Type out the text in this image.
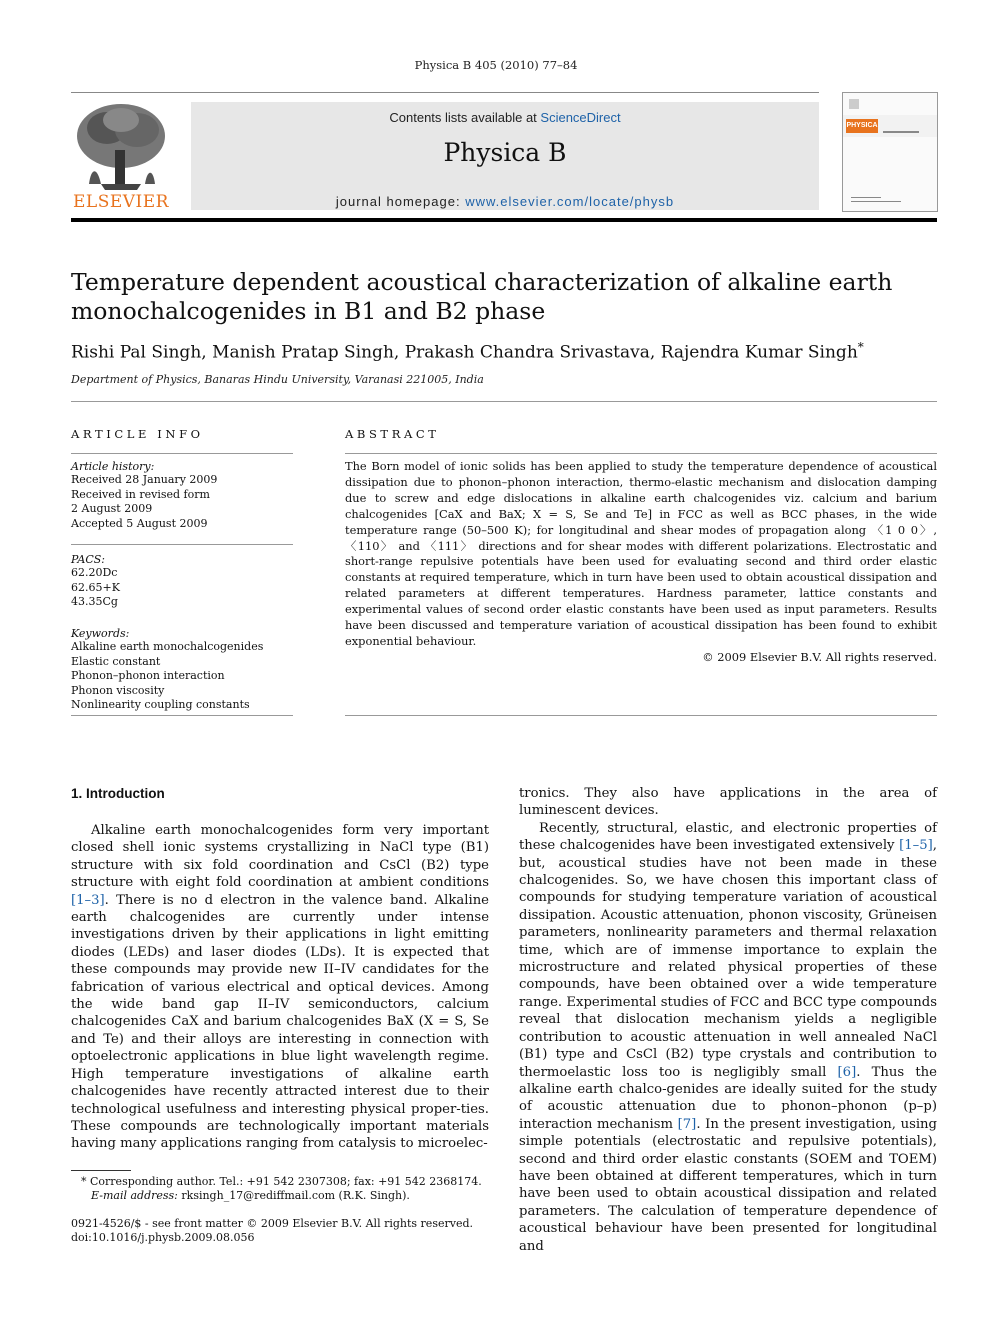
Physica B 405 (2010) 77–84
ELSEVIER
Contents lists available at ScienceDirect
Physica B
journal homepage: www.elsevier.com/locate/physb
PHYSICA
Temperature dependent acoustical characterization of alkaline earth monochalcogenides in B1 and B2 phase
Rishi Pal Singh, Manish Pratap Singh, Prakash Chandra Srivastava, Rajendra Kumar Singh*
Department of Physics, Banaras Hindu University, Varanasi 221005, India
ARTICLE INFO
Article history:
Received 28 January 2009
Received in revised form
2 August 2009
Accepted 5 August 2009
PACS:
62.20Dc
62.65+K
43.35Cg
Keywords:
Alkaline earth monochalcogenides
Elastic constant
Phonon–phonon interaction
Phonon viscosity
Nonlinearity coupling constants
ABSTRACT
The Born model of ionic solids has been applied to study the temperature dependence of acoustical dissipation due to phonon–phonon interaction, thermo-elastic mechanism and dislocation damping due to screw and edge dislocations in alkaline earth chalcogenides viz. calcium and barium chalcogenides [CaX and BaX; X = S, Se and Te] in FCC as well as BCC phases, in the wide temperature range (50–500 K); for longitudinal and shear modes of propagation along 〈1 0 0〉, 〈110〉 and 〈111〉 directions and for shear modes with different polarizations. Electrostatic and short-range repulsive potentials have been used for evaluating second and third order elastic constants at required temperature, which in turn have been used to obtain acoustical dissipation and related parameters at different temperatures. Hardness parameter, lattice constants and experimental values of second order elastic constants have been used as input parameters. Results have been discussed and temperature variation of acoustical dissipation has been found to exhibit exponential behaviour.
© 2009 Elsevier B.V. All rights reserved.
1. Introduction

Alkaline earth monochalcogenides form very important closed shell ionic systems crystallizing in NaCl type (B1) structure with six fold coordination and CsCl (B2) type structure with eight fold coordination at ambient conditions [1–3]. There is no d electron in the valence band. Alkaline earth chalcogenides are currently under intense investigations driven by their applications in light emitting diodes (LEDs) and laser diodes (LDs). It is expected that these compounds may provide new II–IV candidates for the fabrication of various electrical and optical devices. Among the wide band gap II–IV semiconductors, calcium chalcogenides CaX and barium chalcogenides BaX (X = S, Se and Te) and their alloys are interesting in connection with optoelectronic applications in blue light wavelength regime. High temperature investigations of alkaline earth chalcogenides have recently attracted interest due to their technological usefulness and interesting physical proper-ties. These compounds are technologically important materials having many applications ranging from catalysis to microelec-

tronics. They also have applications in the area of luminescent devices.

Recently, structural, elastic, and electronic properties of these chalcogenides have been investigated extensively [1–5], but, acoustical studies have not been made in these chalcogenides. So, we have chosen this important class of compounds for studying temperature variation of acoustical dissipation. Acoustic attenuation, phonon viscosity, Grüneisen parameters, nonlinearity parameters and thermal relaxation time, which are of immense importance to explain the microstructure and related physical properties of these compounds, have been obtained over a wide temperature range. Experimental studies of FCC and BCC type compounds reveal that dislocation mechanism yields a negligible contribution to acoustic attenuation in well annealed NaCl (B1) type and CsCl (B2) type crystals and contribution to thermoelastic loss too is negligibly small [6]. Thus the alkaline earth chalco-genides are ideally suited for the study of acoustic attenuation due to phonon–phonon (p–p) interaction mechanism [7]. In the present investigation, using simple potentials (electrostatic and repulsive potentials), second and third order elastic constants (SOEM and TOEM) have been obtained at different temperatures, which in turn have been used to obtain acoustical dissipation and related parameters. The calculation of temperature dependence of acoustical behaviour have been presented for longitudinal and

* Corresponding author. Tel.: +91 542 2307308; fax: +91 542 2368174.
E-mail address: rksingh_17@rediffmail.com (R.K. Singh).
0921-4526/$ - see front matter © 2009 Elsevier B.V. All rights reserved.
doi:10.1016/j.physb.2009.08.056
